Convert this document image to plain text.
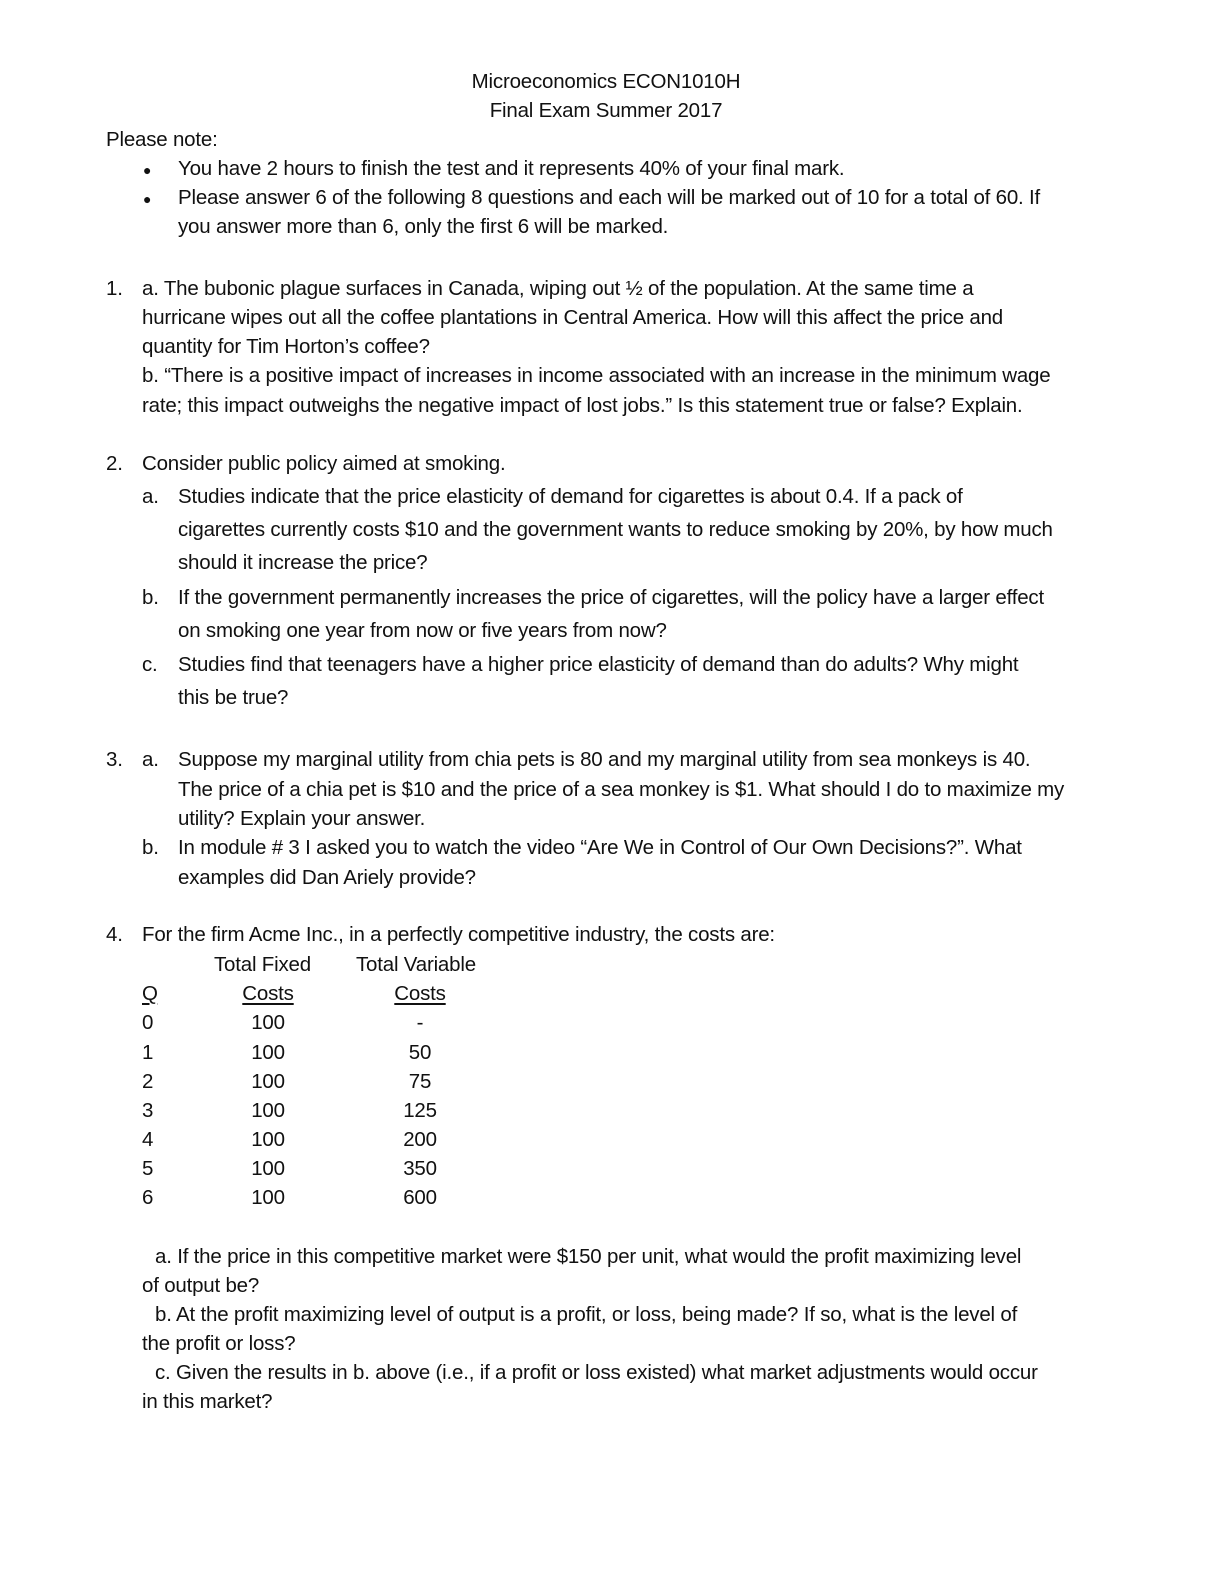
Microeconomics ECON1010H
Final Exam Summer 2017
Please note:
● You have 2 hours to finish the test and it represents 40% of your final mark.
● Please answer 6 of the following 8 questions and each will be marked out of 10 for a total of 60. If
you answer more than 6, only the first 6 will be marked.
1. a. The bubonic plague surfaces in Canada, wiping out ½ of the population. At the same time a
hurricane wipes out all the coffee plantations in Central America. How will this affect the price and
quantity for Tim Horton’s coffee?
b. “There is a positive impact of increases in income associated with an increase in the minimum wage
rate; this impact outweighs the negative impact of lost jobs.” Is this statement true or false? Explain.
2. Consider public policy aimed at smoking.
a. Studies indicate that the price elasticity of demand for cigarettes is about 0.4. If a pack of
cigarettes currently costs $10 and the government wants to reduce smoking by 20%, by how much
should it increase the price?
b. If the government permanently increases the price of cigarettes, will the policy have a larger effect
on smoking one year from now or five years from now?
c. Studies find that teenagers have a higher price elasticity of demand than do adults? Why might
this be true?
3. a. Suppose my marginal utility from chia pets is 80 and my marginal utility from sea monkeys is 40.
The price of a chia pet is $10 and the price of a sea monkey is $1. What should I do to maximize my
utility? Explain your answer.
b. In module # 3 I asked you to watch the video “Are We in Control of Our Own Decisions?”. What
examples did Dan Ariely provide?
4. For the firm Acme Inc., in a perfectly competitive industry, the costs are:
Total Fixed Total Variable
Q	Costs	Costs
0	100	-
1	100	50
2	100	75
3	100	125
4	100	200
5	100	350
6	100	600
a. If the price in this competitive market were $150 per unit, what would the profit maximizing level
of output be?
b. At the profit maximizing level of output is a profit, or loss, being made? If so, what is the level of
the profit or loss?
c. Given the results in b. above (i.e., if a profit or loss existed) what market adjustments would occur
in this market?
